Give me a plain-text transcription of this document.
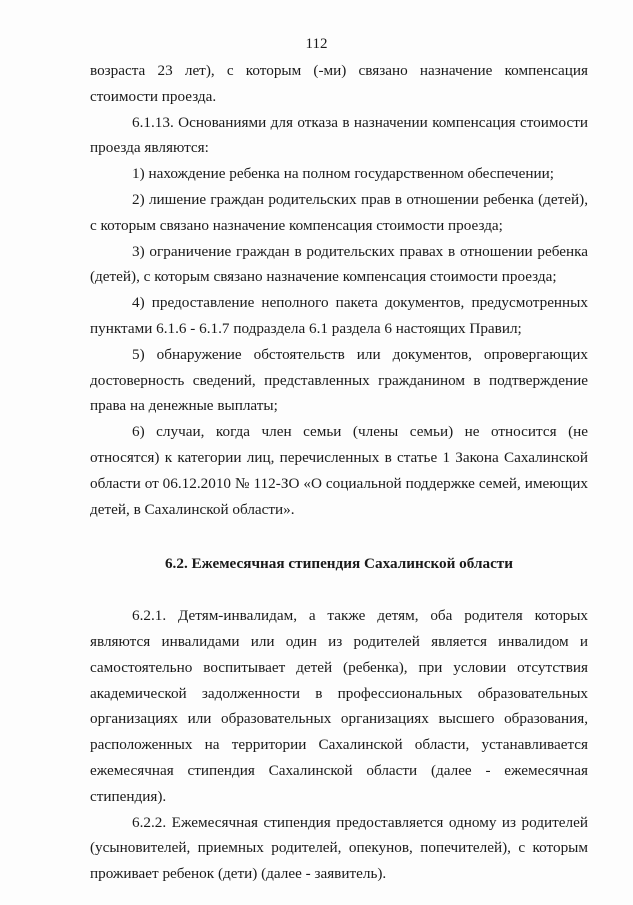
112

возраста 23 лет), с которым (-ми) связано назначение компенсация стоимости проезда.

6.1.13. Основаниями для отказа в назначении компенсация стоимости проезда являются:

1) нахождение ребенка на полном государственном обеспечении;

2) лишение граждан родительских прав в отношении ребенка (детей), с которым связано назначение компенсация стоимости проезда;

3) ограничение граждан в родительских правах в отношении ребенка (детей), с которым связано назначение компенсация стоимости проезда;

4) предоставление неполного пакета документов, предусмотренных пунктами 6.1.6 - 6.1.7 подраздела 6.1 раздела 6 настоящих Правил;

5) обнаружение обстоятельств или документов, опровергающих достоверность сведений, представленных гражданином в подтверждение права на денежные выплаты;

6) случаи, когда член семьи (члены семьи) не относится (не относятся) к категории лиц, перечисленных в статье 1 Закона Сахалинской области от 06.12.2010 № 112-ЗО «О социальной поддержке семей, имеющих детей, в Сахалинской области».

6.2. Ежемесячная стипендия Сахалинской области

6.2.1. Детям-инвалидам, а также детям, оба родителя которых являются инвалидами или один из родителей является инвалидом и самостоятельно воспитывает детей (ребенка), при условии отсутствия академической задолженности в профессиональных образовательных организациях или образовательных организациях высшего образования, расположенных на территории Сахалинской области, устанавливается ежемесячная стипендия Сахалинской области (далее - ежемесячная стипендия).

6.2.2. Ежемесячная стипендия предоставляется одному из родителей (усыновителей, приемных родителей, опекунов, попечителей), с которым проживает ребенок (дети) (далее - заявитель).
